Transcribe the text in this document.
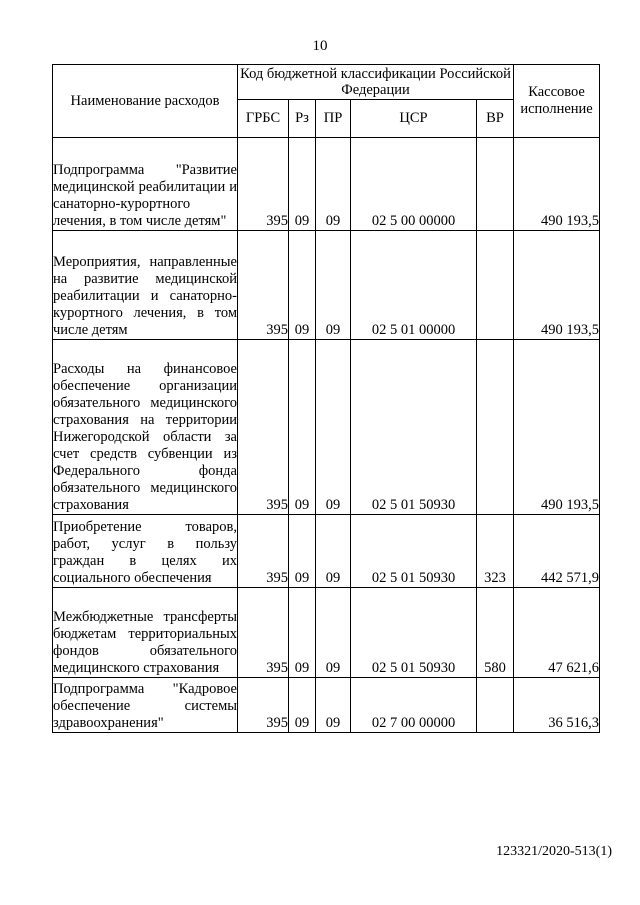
10
Наименование расходов	Код бюджетной классификации Российской Федерации					Кассовое исполнение
	ГРБС	Рз	ПР	ЦСР	ВР	

Подпрограмма "Развитие медицинской реабилитации и санаторно-курортного лечения, в том числе детям"	395	09	09	02 5 00 00000		490 193,5

Мероприятия, направленные на развитие медицинской реабилитации и санаторно-курортного лечения, в том числе детям	395	09	09	02 5 01 00000		490 193,5

Расходы на финансовое обеспечение организации обязательного медицинского страхования на территории Нижегородской области за счет средств субвенции из Федерального фонда обязательного медицинского страхования	395	09	09	02 5 01 50930		490 193,5

Приобретение товаров, работ, услуг в пользу граждан в целях их социального обеспечения	395	09	09	02 5 01 50930	323	442 571,9

Межбюджетные трансферты бюджетам территориальных фондов обязательного медицинского страхования	395	09	09	02 5 01 50930	580	47 621,6

Подпрограмма "Кадровое обеспечение системы здравоохранения"	395	09	09	02 7 00 00000		36 516,3
123321/2020-513(1)
